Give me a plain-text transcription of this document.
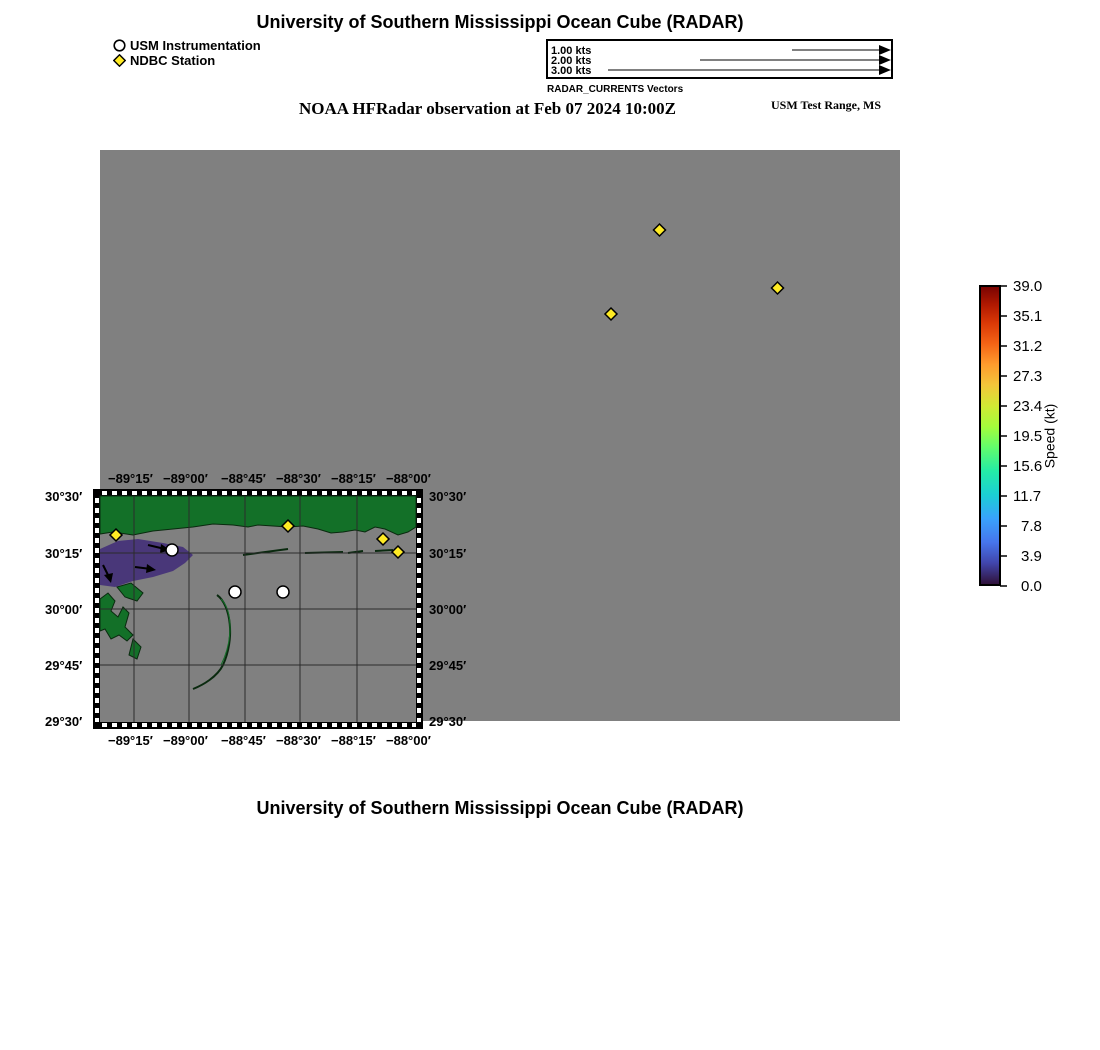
University of Southern Mississippi Ocean Cube (RADAR)
USM Instrumentation
NDBC Station
1.00 kts
2.00 kts
3.00 kts
RADAR_CURRENTS Vectors
NOAA HFRadar observation at Feb 07 2024 10:00Z	USM Test Range, MS
−89°15′ −89°00′ −88°45′ −88°30′ −88°15′ −88°00′
−89°15′ −89°00′ −88°45′ −88°30′ −88°15′ −88°00′
30°30′
30°15′
30°00′
29°45′
29°30′
30°30′
30°15′
30°00′
29°45′
29°30′
39.0
35.1
31.2
27.3
23.4
19.5
15.6
11.7
7.8
3.9
0.0
Speed (kt)
University of Southern Mississippi Ocean Cube (RADAR)
